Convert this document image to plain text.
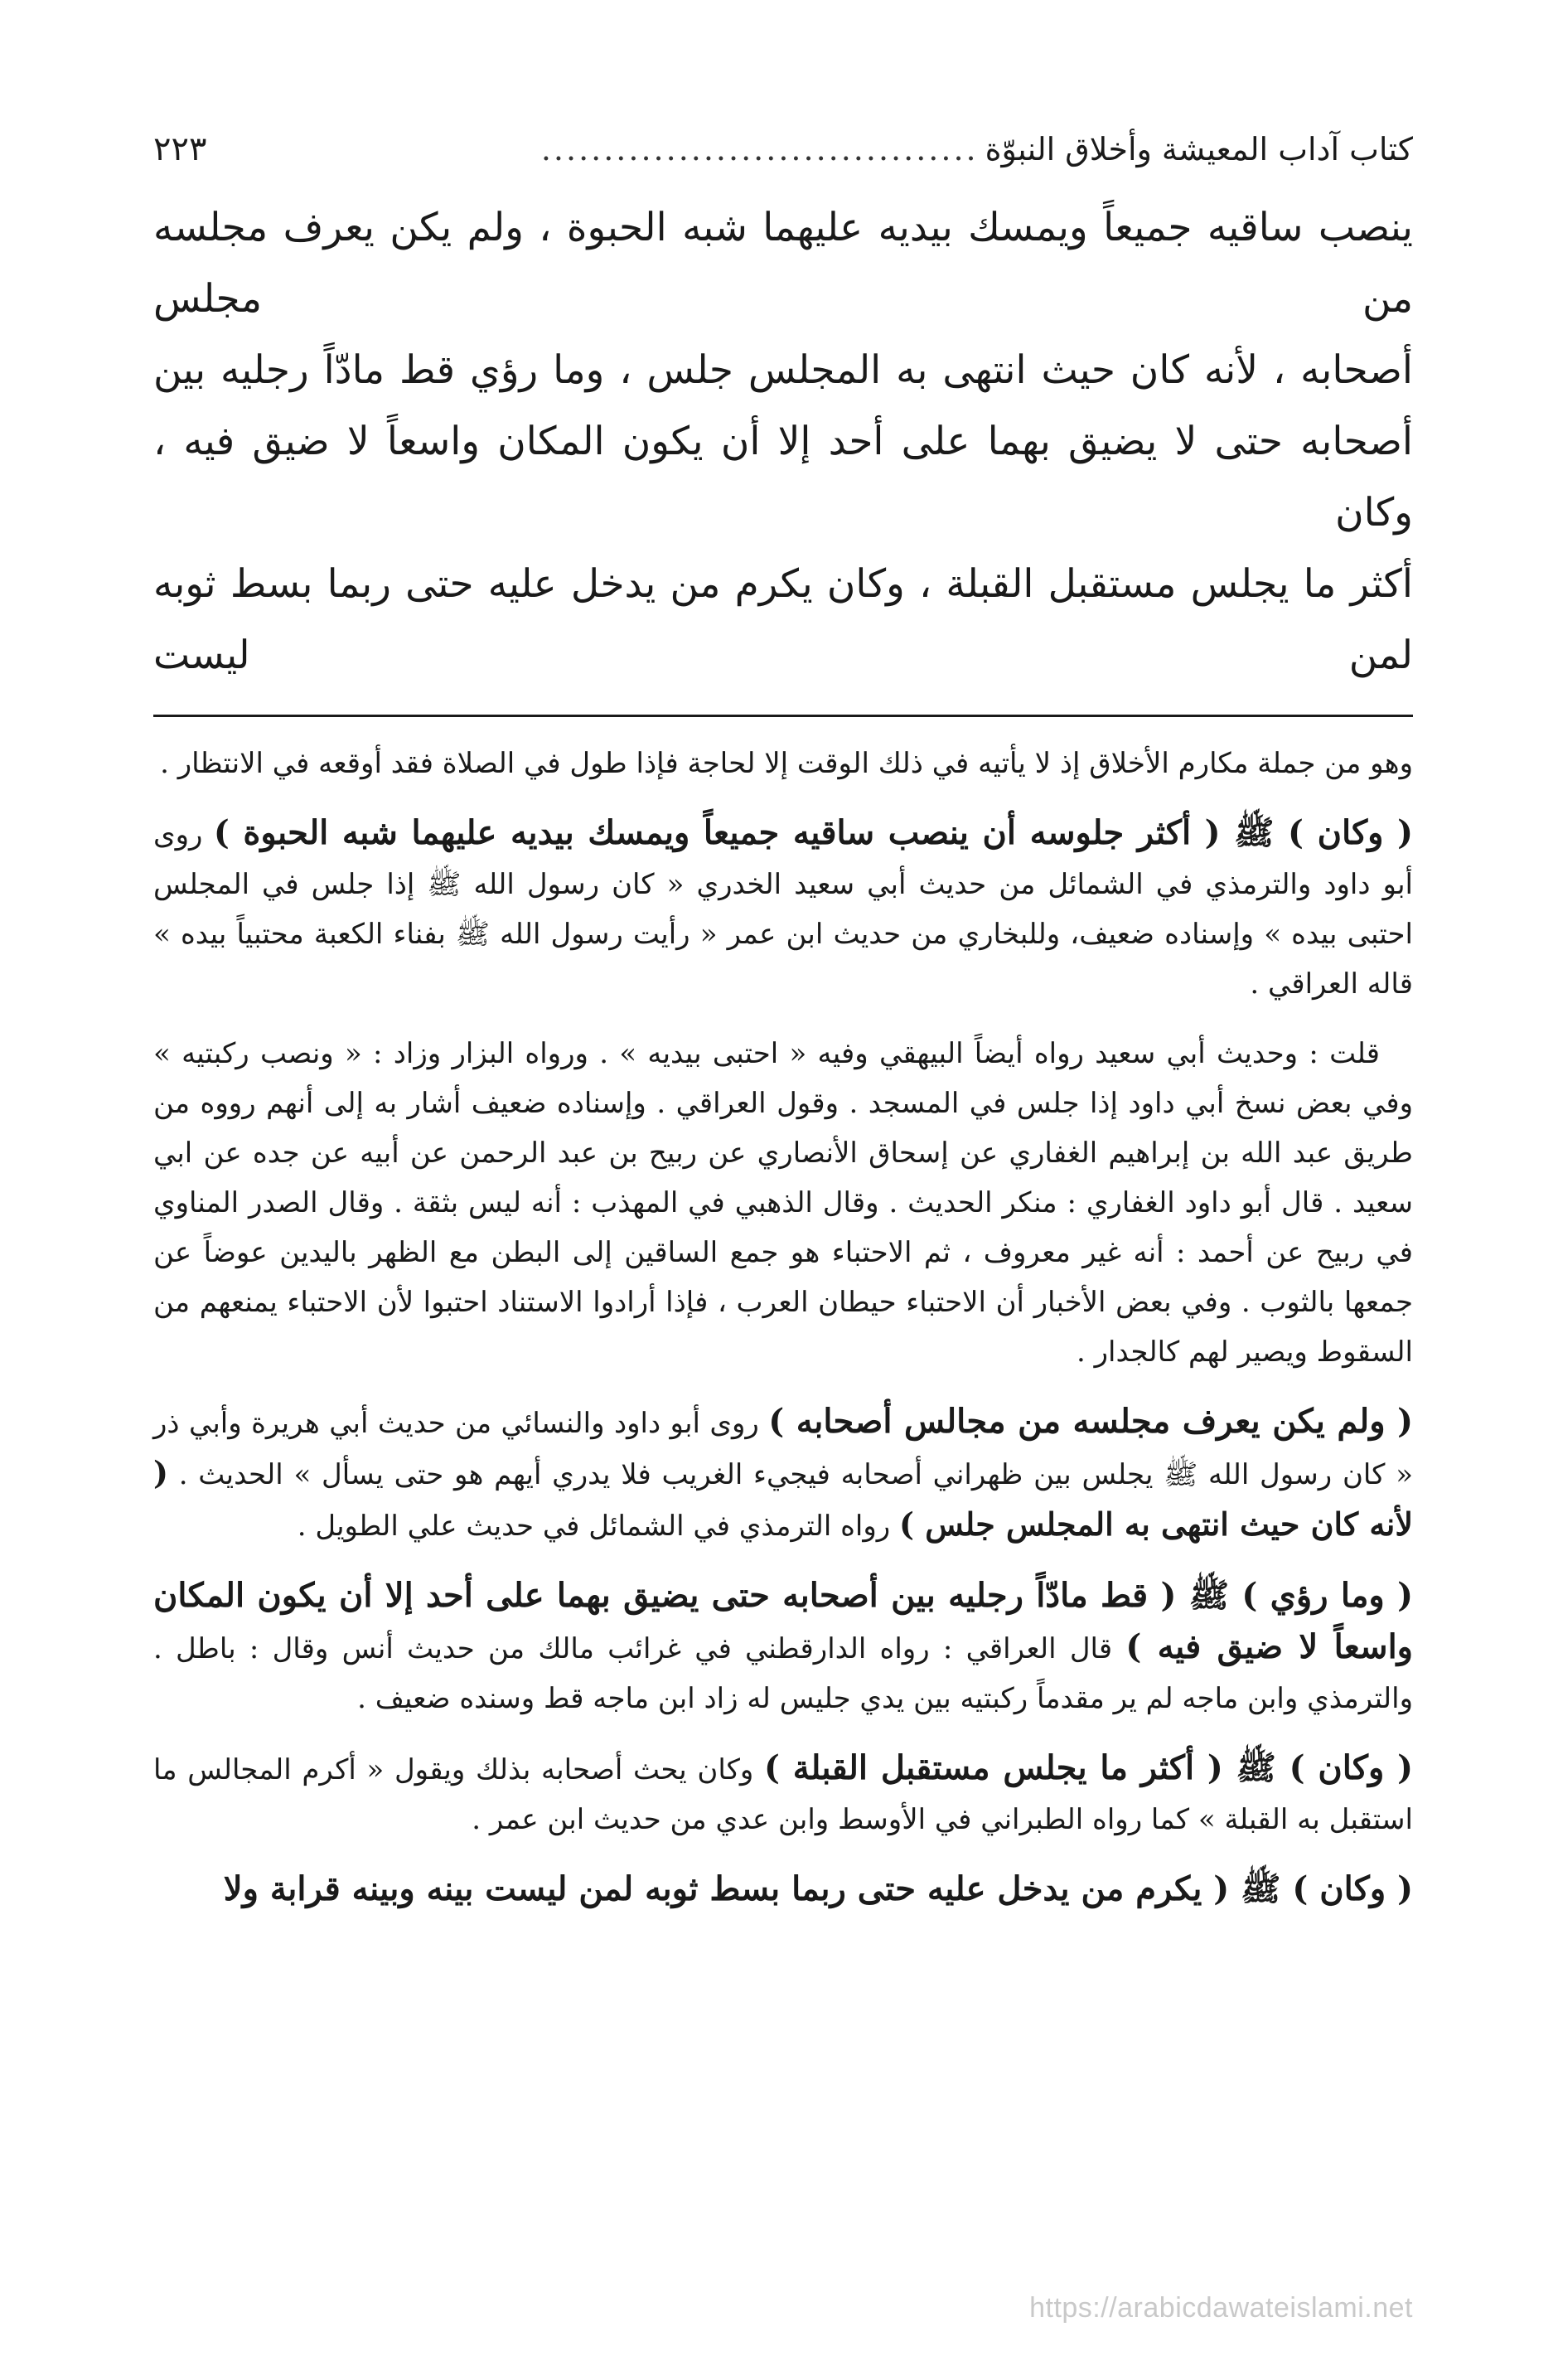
كتاب آداب المعيشة وأخلاق النبوّة
...................................
٢٢٣
ينصب ساقيه جميعاً ويمسك بيديه عليهما شبه الحبوة ، ولم يكن يعرف مجلسه من مجلس
أصحابه ، لأنه كان حيث انتهى به المجلس جلس ، وما رؤي قط مادّاً رجليه بين
أصحابه حتى لا يضيق بهما على أحد إلا أن يكون المكان واسعاً لا ضيق فيه ، وكان
أكثر ما يجلس مستقبل القبلة ، وكان يكرم من يدخل عليه حتى ربما بسط ثوبه لمن ليست

وهو من جملة مكارم الأخلاق إذ لا يأتيه في ذلك الوقت إلا لحاجة فإذا طول في الصلاة فقد أوقعه في الانتظار .

( وكان ) ﷺ ( أكثر جلوسه أن ينصب ساقيه جميعاً ويمسك بيديه عليهما شبه الحبوة ) روى أبو داود والترمذي في الشمائل من حديث أبي سعيد الخدري « كان رسول الله ﷺ إذا جلس في المجلس احتبى بيده » وإسناده ضعيف، وللبخاري من حديث ابن عمر « رأيت رسول الله ﷺ بفناء الكعبة محتبياً بيده » قاله العراقي .

قلت : وحديث أبي سعيد رواه أيضاً البيهقي وفيه « احتبى بيديه » . ورواه البزار وزاد : « ونصب ركبتيه » وفي بعض نسخ أبي داود إذا جلس في المسجد . وقول العراقي . وإسناده ضعيف أشار به إلى أنهم رووه من طريق عبد الله بن إبراهيم الغفاري عن إسحاق الأنصاري عن ربيح بن عبد الرحمن عن أبيه عن جده عن ابي سعيد . قال أبو داود الغفاري : منكر الحديث . وقال الذهبي في المهذب : أنه ليس بثقة . وقال الصدر المناوي في ربيح عن أحمد : أنه غير معروف ، ثم الاحتباء هو جمع الساقين إلى البطن مع الظهر باليدين عوضاً عن جمعها بالثوب . وفي بعض الأخبار أن الاحتباء حيطان العرب ، فإذا أرادوا الاستناد احتبوا لأن الاحتباء يمنعهم من السقوط ويصير لهم كالجدار .

( ولم يكن يعرف مجلسه من مجالس أصحابه ) روى أبو داود والنسائي من حديث أبي هريرة وأبي ذر « كان رسول الله ﷺ يجلس بين ظهراني أصحابه فيجيء الغريب فلا يدري أيهم هو حتى يسأل » الحديث . ( لأنه كان حيث انتهى به المجلس جلس ) رواه الترمذي في الشمائل في حديث علي الطويل .

( وما رؤي ) ﷺ ( قط مادّاً رجليه بين أصحابه حتى يضيق بهما على أحد إلا أن يكون المكان واسعاً لا ضيق فيه ) قال العراقي : رواه الدارقطني في غرائب مالك من حديث أنس وقال : باطل . والترمذي وابن ماجه لم ير مقدماً ركبتيه بين يدي جليس له زاد ابن ماجه قط وسنده ضعيف .

( وكان ) ﷺ ( أكثر ما يجلس مستقبل القبلة ) وكان يحث أصحابه بذلك ويقول « أكرم المجالس ما استقبل به القبلة » كما رواه الطبراني في الأوسط وابن عدي من حديث ابن عمر .

( وكان ) ﷺ ( يكرم من يدخل عليه حتى ربما بسط ثوبه لمن ليست بينه وبينه قرابة ولا

https://arabicdawateislami.net
